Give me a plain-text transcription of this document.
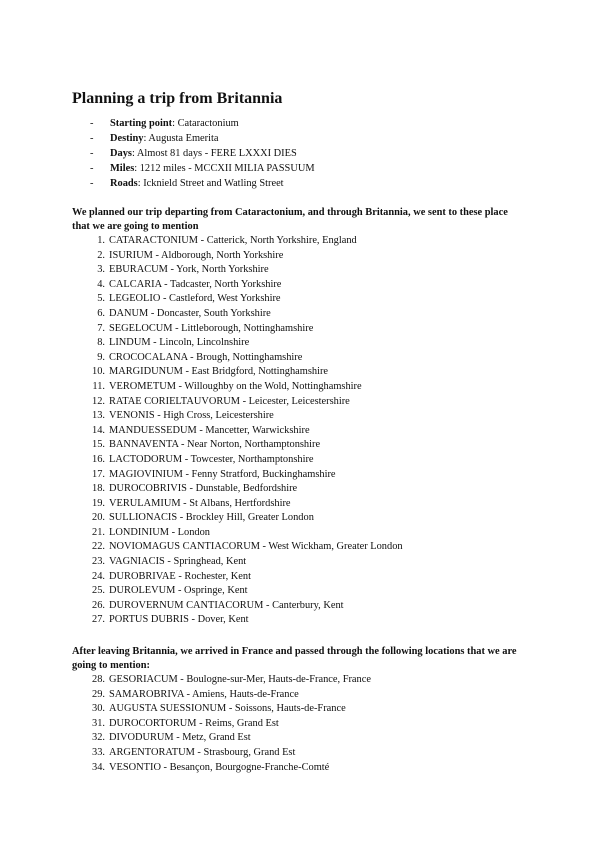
Planning a trip from Britannia
- Starting point: Cataractonium
- Destiny: Augusta Emerita
- Days: Almost 81 days - FERE LXXXI DIES
- Miles: 1212 miles - MCCXII MILIA PASSUUM
- Roads: Icknield Street and Watling Street

We planned our trip departing from Cataractonium, and through Britannia, we sent to these place that we are going to mention

1. CATARACTONIUM - Catterick, North Yorkshire, England
2. ISURIUM - Aldborough, North Yorkshire
3. EBURACUM - York, North Yorkshire
4. CALCARIA - Tadcaster, North Yorkshire
5. LEGEOLIO - Castleford, West Yorkshire
6. DANUM - Doncaster, South Yorkshire
7. SEGELOCUM - Littleborough, Nottinghamshire
8. LINDUM - Lincoln, Lincolnshire
9. CROCOCALANA - Brough, Nottinghamshire
10. MARGIDUNUM - East Bridgford, Nottinghamshire
11. VEROMETUM - Willoughby on the Wold, Nottinghamshire
12. RATAE CORIELTAUVORUM - Leicester, Leicestershire
13. VENONIS - High Cross, Leicestershire
14. MANDUESSEDUM - Mancetter, Warwickshire
15. BANNAVENTA - Near Norton, Northamptonshire
16. LACTODORUM - Towcester, Northamptonshire
17. MAGIOVINIUM - Fenny Stratford, Buckinghamshire
18. DUROCOBRIVIS - Dunstable, Bedfordshire
19. VERULAMIUM - St Albans, Hertfordshire
20. SULLIONACIS - Brockley Hill, Greater London
21. LONDINIUM - London
22. NOVIOMAGUS CANTIACORUM - West Wickham, Greater London
23. VAGNIACIS - Springhead, Kent
24. DUROBRIVAE - Rochester, Kent
25. DUROLEVUM - Ospringe, Kent
26. DUROVERNUM CANTIACORUM - Canterbury, Kent
27. PORTUS DUBRIS - Dover, Kent

After leaving Britannia, we arrived in France and passed through the following locations that we are going to mention:

28. GESORIACUM - Boulogne-sur-Mer, Hauts-de-France, France
29. SAMAROBRIVA - Amiens, Hauts-de-France
30. AUGUSTA SUESSIONUM - Soissons, Hauts-de-France
31. DUROCORTORUM - Reims, Grand Est
32. DIVODURUM - Metz, Grand Est
33. ARGENTORATUM - Strasbourg, Grand Est
34. VESONTIO - Besançon, Bourgogne-Franche-Comté
